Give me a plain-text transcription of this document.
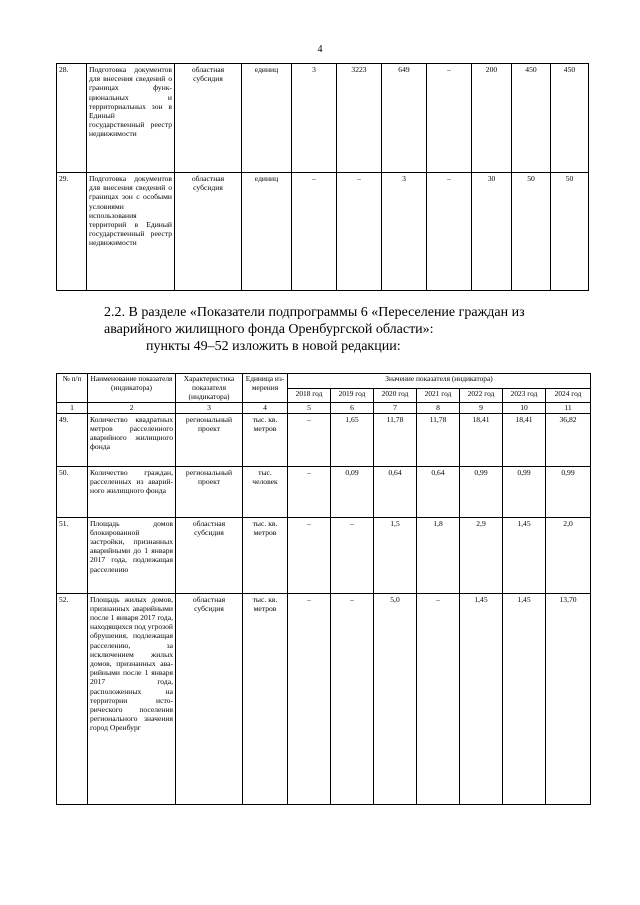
4
28.	Подготовка документов для внесения сведений о границах функциональных и территориальных зон в Единый государственный реестр недвижимости	областная субсидия	единиц	3	3223	649	–	200	450	450
29.	Подготовка документов для внесения сведений о границах зон с особыми условиями использования территорий в Единый государственный реестр недвижимости	областная субсидия	единиц	–	–	3	–	30	50	50

2.2. В разделе «Показатели подпрограммы 6 «Переселение граждан из аварийного жилищного фонда Оренбургской области»:

пункты 49–52 изложить в новой редакции:

№ п/п	Наименование показателя (индикатора)	Характеристика показателя (индикатора)	Единица измерения	Значение показателя (индикатора)						
				2018 год	2019 год	2020 год	2021 год	2022 год	2023 год	2024 год
1	2	3	4	5	6	7	8	9	10	11
49.	Количество квадратных метров расселенного аварийного жилищного фонда	региональный проект	тыс. кв. метров	–	1,65	11,78	11,78	18,41	18,41	36,82
50.	Количество граждан, расселенных из аварийного жилищного фонда	региональный проект	тыс. человек	–	0,09	0,64	0,64	0,99	0,99	0,99
51.	Площадь домов блокированной застройки, признанных аварийными до 1 января 2017 года, подлежащая расселению	областная субсидия	тыс. кв. метров	–	–	1,5	1,8	2,9	1,45	2,0
52.	Площадь жилых домов, признанных аварийными после 1 января 2017 года, находящихся под угрозой обрушения, подлежащая расселению, за исключением жилых домов, признанных аварийными после 1 января 2017 года, расположенных на территории исторического поселения регионального значения город Оренбург	областная субсидия	тыс. кв. метров	–	–	5,0	–	1,45	1,45	13,70
